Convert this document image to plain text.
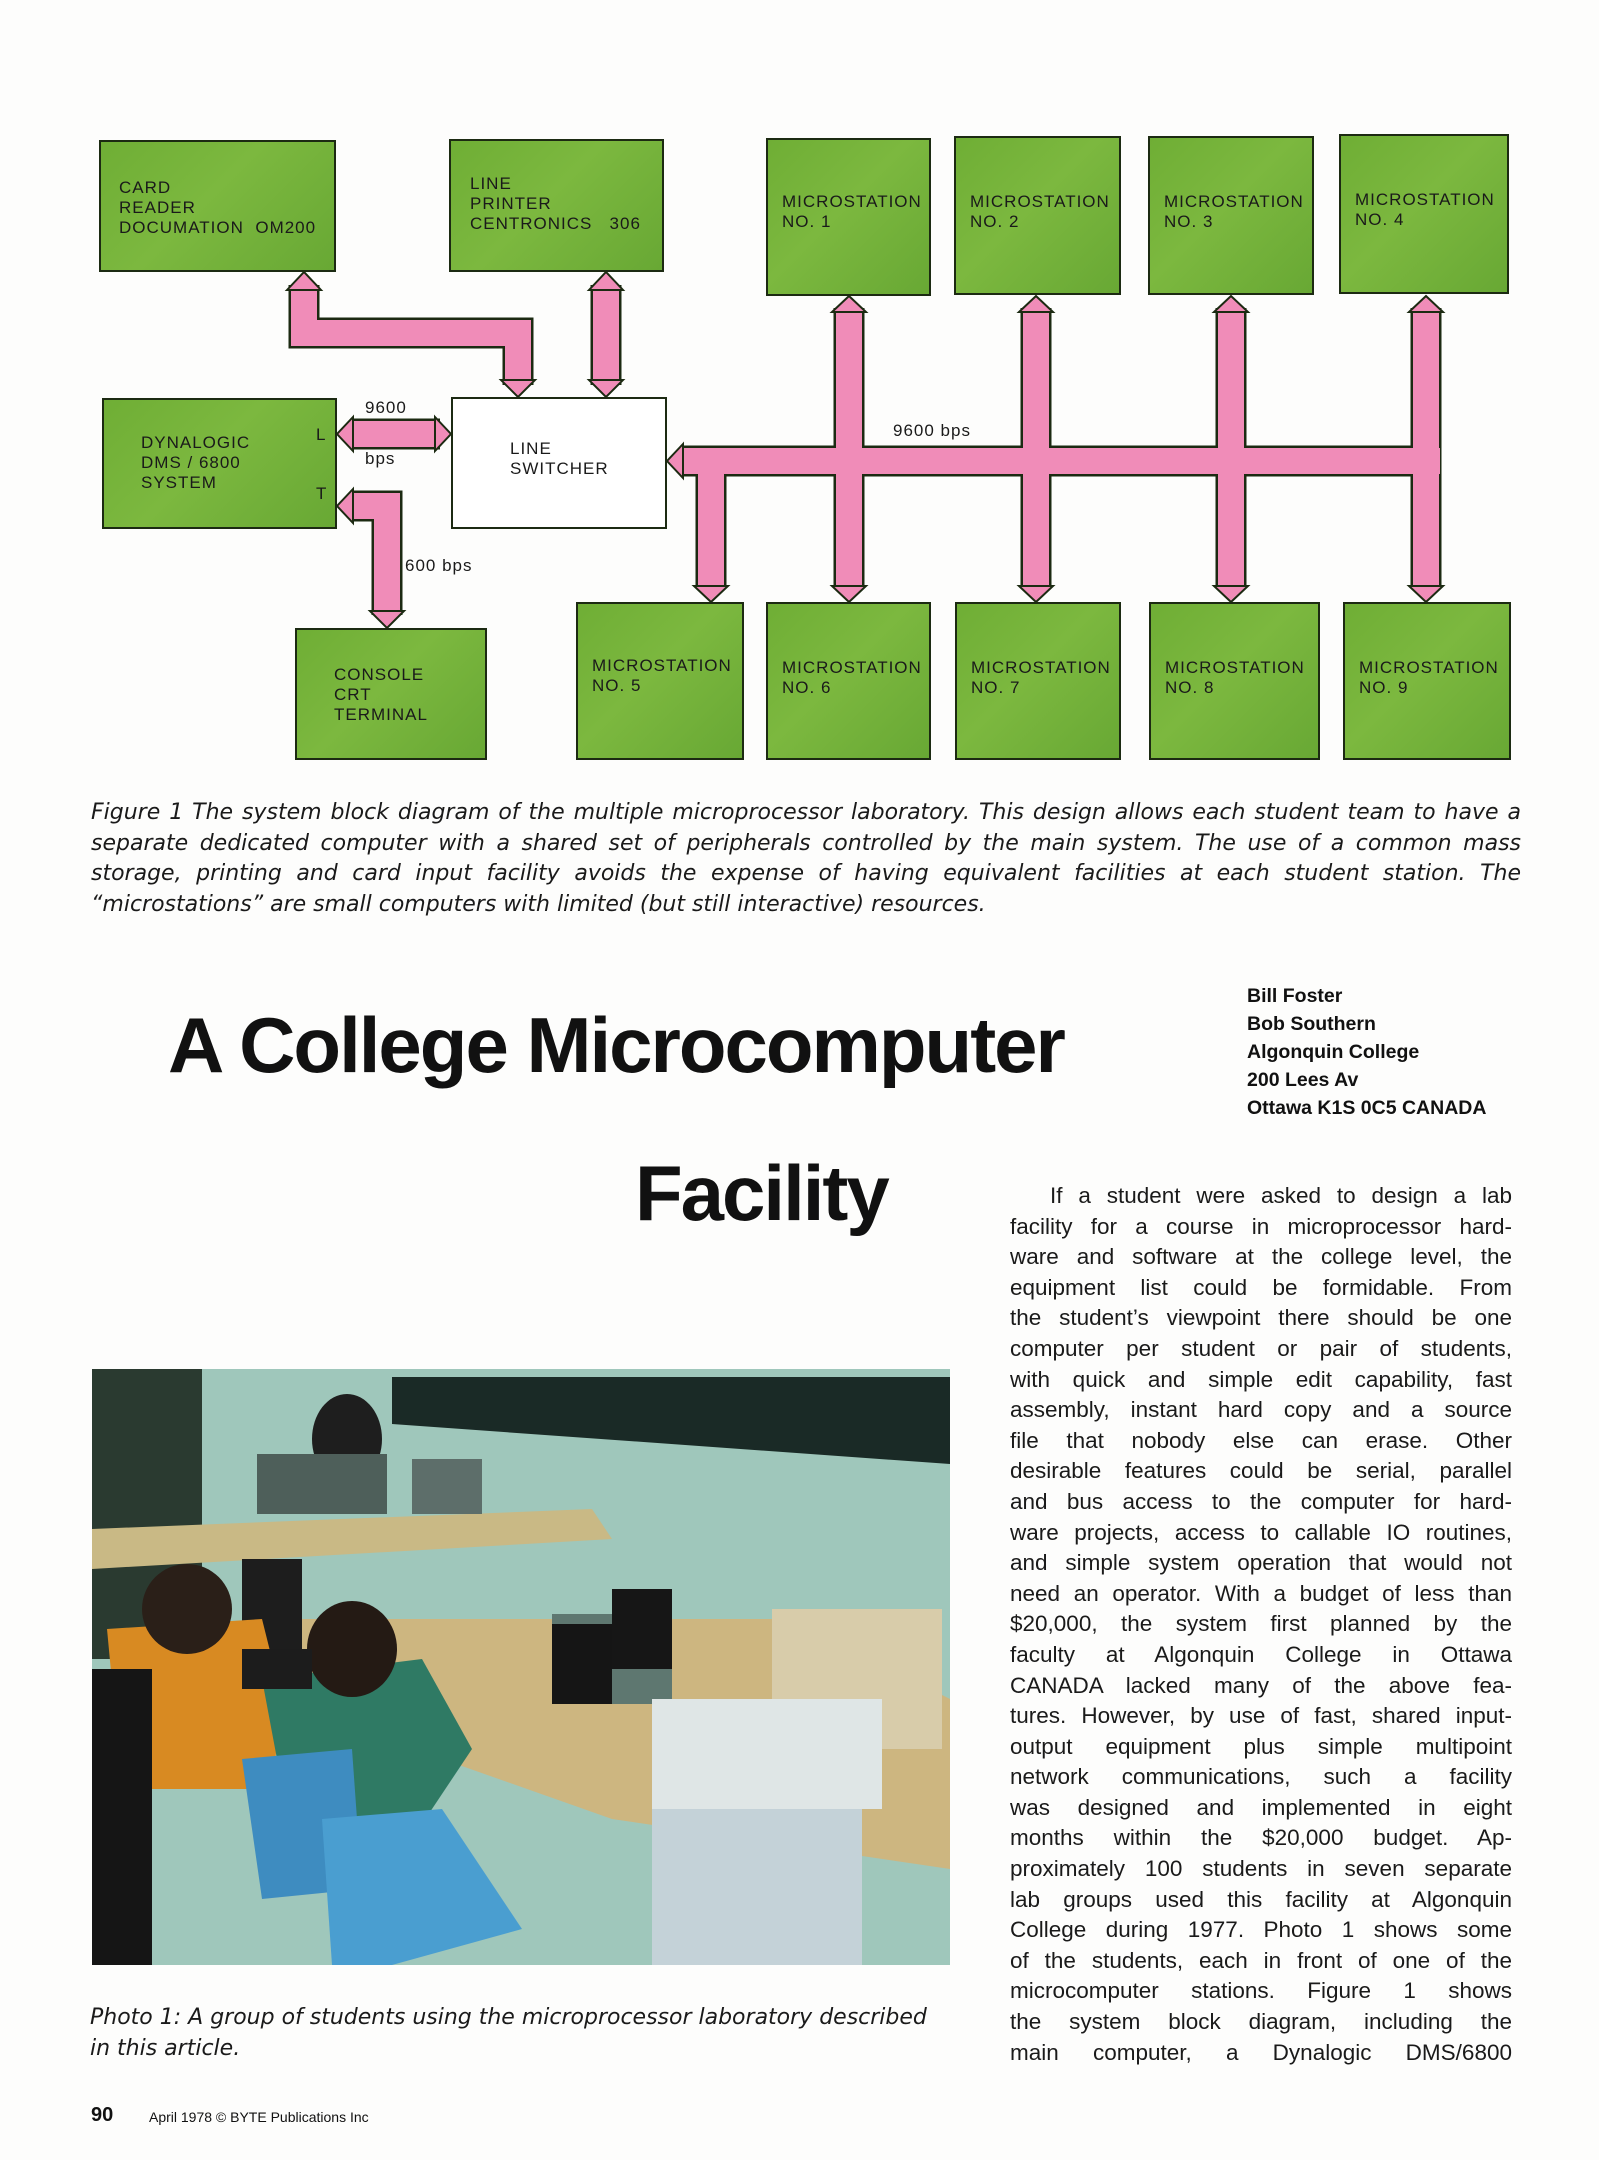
CARD
READER
DOCUMATION  OM200
LINE
PRINTER
CENTRONICS   306
DYNALOGIC
DMS / 6800
SYSTEM
L
T
LINE
SWITCHER
CONSOLE
CRT
TERMINAL
MICROSTATION
NO. 1
MICROSTATION
NO. 2
MICROSTATION
NO. 3
MICROSTATION
NO. 4
MICROSTATION
NO. 5
MICROSTATION
NO. 6
MICROSTATION
NO. 7
MICROSTATION
NO. 8
MICROSTATION
NO. 9
9600
bps
600 bps
9600 bps
Figure 1 The system block diagram of the multiple microprocessor laboratory. This design allows each student team to have a separate dedicated computer with a shared set of peripherals controlled by the main system. The use of a common mass storage, printing and card input facility avoids the expense of having equivalent facilities at each student station. The “microstations” are small computers with limited (but still interactive) resources.
A College Microcomputer
Facility
Bill Foster
Bob Southern
Algonquin College
200 Lees Av
Ottawa K1S 0C5 CANADA
If a student were asked to design a lab
facility for a course in microprocessor hard-
ware and software at the college level, the
equipment list could be formidable. From
the student’s viewpoint there should be one
computer per student or pair of students,
with quick and simple edit capability, fast
assembly, instant hard copy and a source
file that nobody else can erase. Other
desirable features could be serial, parallel
and bus access to the computer for hard-
ware projects, access to callable IO routines,
and simple system operation that would not
need an operator. With a budget of less than
$20,000, the system first planned by the
faculty at Algonquin College in Ottawa
CANADA lacked many of the above fea-
tures. However, by use of fast, shared input-
output equipment plus simple multipoint
network communications, such a facility
was designed and implemented in eight
months within the $20,000 budget. Ap-
proximately 100 students in seven separate
lab groups used this facility at Algonquin
College during 1977. Photo 1 shows some
of the students, each in front of one of the
microcomputer stations. Figure 1 shows
the system block diagram, including the
main computer, a Dynalogic DMS/6800
Photo 1: A group of students using the microprocessor laboratory described in this article.
90	April 1978 © BYTE Publications Inc
